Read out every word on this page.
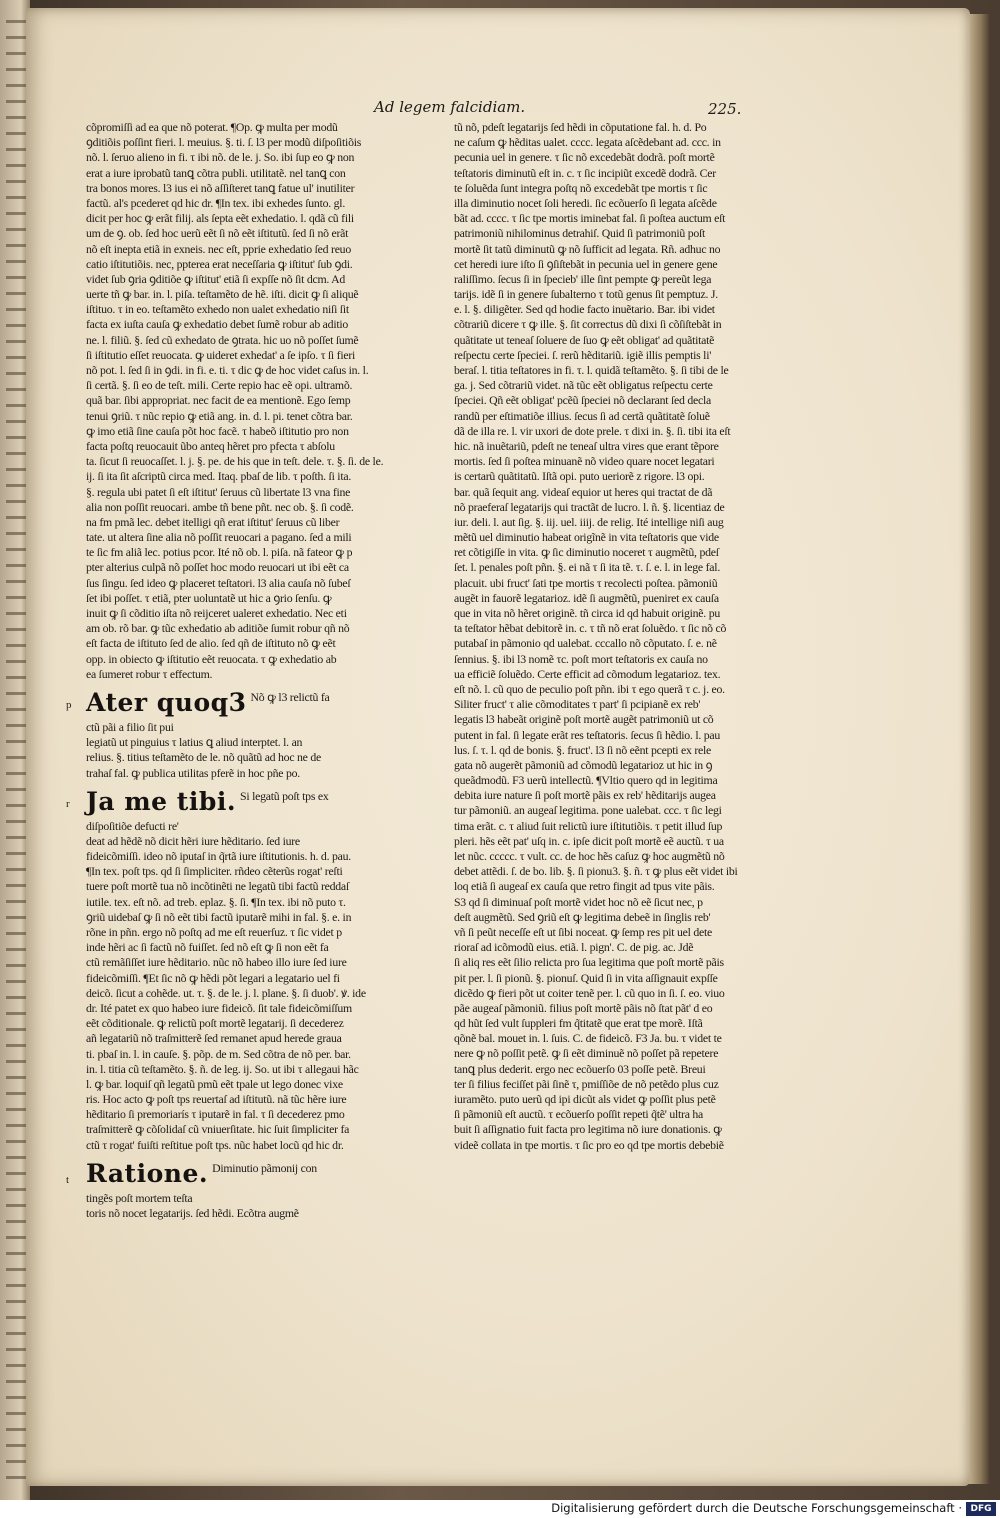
Ad legem falcidiam.	225.
cõpromiſſi ad ea que nõ poterat. ¶Op. ꝙ multa per modũ
ꝯditiõis poſſint fieri. l. meuius. §. ti. ſ. l3 per modũ diſpoſitiõis
nõ. l. ſeruo alieno in fi. τ ibi nõ. de le. j. So. ibi ſup eo ꝙ non
erat a iure iprobatũ tanꝗ cõtra publi. utilitatẽ. nel tanꝗ con
tra bonos mores. l3 ius ei nõ aſſiſteret tanꝗ fatue ul' inutiliter
factũ. al's pcederet qd hic dr. ¶In tex. ibi exhedes ſunto. gl.
dicit per hoc ꝙ erãt filij. als ſepta eẽt exhedatio. l. qdã cũ fili
um de ꝯ. ob. ſed hoc uerũ eẽt ſi nõ eẽt iſtitutũ. ſed ſi nõ erãt
nõ eſt inepta etiã in exneis. nec eſt, pprie exhedatio ſed reuo
catio iſtitutiõis. nec, ppterea erat neceſſaria ꝙ iſtitut' ſub ꝯdi.
videt ſub ꝯria ꝯditiõe ꝙ iſtitut' etiã ſi expſſe nõ ſit dcm. Ad
uerte tñ ꝙ bar. in. l. piſa. teſtamẽto de hẽ. iſti. dicit ꝙ ſi aliquẽ
iſtituo. τ in eo. teſtamẽto exhedo non ualet exhedatio niſi ſit
facta ex iuſta cauſa ꝙ exhedatio debet ſumẽ robur ab aditio
ne. l. filiũ. §. ſed cũ exhedato de ꝯtrata. hic uo nõ poſſet ſumẽ
ſi iſtitutio eſſet reuocata. ꝙ uideret exhedat' a ſe ipſo. τ ſi fieri
nõ pot. l. ſed ſi in ꝯdi. in fi. e. ti. τ dic ꝙ de hoc videt caſus in. l.
ſi certã. §. ſi eo de teſt. mili. Certe repio hac eẽ opi. ultramõ.
quã bar. ſibi appropriat. nec facit de ea mentionẽ. Ego ſemp
tenui ꝯriũ. τ nũc repio ꝙ etiã ang. in. d. l. pi. tenet cõtra bar.
ꝙ imo etiã ſine cauſa põt hoc facẽ. τ habeõ iſtitutio pro non
facta poſtq reuocauit ũbo anteq hẽret pro pfecta τ abſolu
ta. ſicut ſi reuocaſſet. l. j. §. pe. de his que in teſt. dele. τ. §. ſi. de le.
ij. ſi ita ſit aſcriptũ circa med. Itaq. pbaſ de lib. τ poſth. ſi ita.
§. regula ubi patet ſi eſt iſtitut' ſeruus cũ libertate l3 vna fine
alia non poſſit reuocari. ambe tñ bene pñt. nec ob. §. ſi codẽ.
na fm pmã lec. debet itelligi qñ erat iſtitut' ſeruus cũ liber
tate. ut altera ſine alia nõ poſſit reuocari a pagano. ſed a mili
te ſic fm aliã lec. potius pcor. Ité nõ ob. l. piſa. nã fateor ꝙ p
pter alterius culpã nõ poſſet hoc modo reuocari ut ibi eẽt ca
ſus ſingu. ſed ideo ꝙ placeret teſtatori. l3 alia cauſa nõ ſubeſ
ſet ibi poſſet. τ etiã, pter uoluntatẽ ut hic a ꝯrio ſenſu. ꝙ
inuit ꝙ ſi cõditio iſta nõ reijceret ualeret exhedatio. Nec eti
am ob. rõ bar. ꝙ tũc exhedatio ab aditiõe ſumit robur qñ nõ
eſt facta de iſtituto ſed de alio. ſed qñ de iſtituto nõ ꝙ eẽt
opp. in obiecto ꝙ iſtitutio eẽt reuocata. τ ꝙ exhedatio ab
ea ſumeret robur τ effectum.
p Ater quoq3 Nõ ꝙ l3 relictũ fa
ctũ pãi a filio ſit pui
legiatũ ut pinguius τ latius ꝗ aliud interptet. l. an
relius. §. titius teſtamẽto de le. nõ quãtũ ad hoc ne de
trahaſ fal. ꝙ publica utilitas pferẽ in hoc pñe po.
r Ja me tibi. Si legatũ poſt tps ex
diſpoſitiõe defucti re'
deat ad hẽdẽ nõ dicit hẽri iure hẽditario. ſed iure
fideicõmiſſi. ideo nõ iputaſ in q̃rtã iure iſtitutionis. h. d. pau.
¶In tex. poſt tps. qd ſi ſimpliciter. rñdeo cẽterũs rogat' reſti
tuere poſt mortẽ tua nõ incõtinẽti ne legatũ tibi factũ reddaſ
iutile. tex. eſt nõ. ad treb. eplaz. §. ſi. ¶In tex. ibi nõ puto τ.
ꝯriũ uidebaſ ꝙ ſi nõ eẽt tibi factũ iputarẽ mihi in fal. §. e. in
rõne in pñn. ergo nõ poſtq ad me eſt reuerſuz. τ ſic videt p
inde hẽri ac ſi factũ nõ fuiſſet. ſed nõ eſt ꝙ ſi non eẽt fa
ctũ remãſiſſet iure hẽditario. nũc nõ habeo illo iure ſed iure
fideicõmiſſi. ¶Et ſic nõ ꝙ hẽdi põt legari a legatario uel fi
deicõ. ſicut a cohẽde. ut. τ. §. de le. j. l. plane. §. ſi duob'. ꝟ. ide
dr. Ité patet ex quo habeo iure fideicõ. ſit tale fideicõmiſſum
eẽt cõditionale. ꝙ relictũ poſt mortẽ legatarij. ſi decederez
añ legatariũ nõ traſmitterẽ ſed remanet apud herede graua
ti. pbaſ in. l. in cauſe. §. põp. de m. Sed cõtra de nõ per. bar.
in. l. titia cũ teſtamẽto. §. ñ. de leg. ij. So. ut ibi τ allegaui hãc
l. ꝙ bar. loquiſ qñ legatũ pmũ eẽt tpale ut lego donec vixe
ris. Hoc acto ꝙ poſt tps reuertaſ ad iſtitutũ. nã tũc hẽre iure
hẽditario ſi premoriarís τ iputarẽ in fal. τ ſi decederez pmo
traſmitterẽ ꝙ cõſolidaſ cũ vniuerſitate. hic ſuit ſimpliciter fa
ctũ τ rogat' fuiſti reſtitue poſt tps. nũc habet locũ qd hic dr.
t Ratione. Diminutio pãmonij con
tingẽs poſt mortem teſta
toris nõ nocet legatarijs. ſed hẽdi. Ecõtra augmẽ
tũ nõ, pdeſt legatarijs ſed hẽdi in cõputatione fal. h. d. Po
ne caſum ꝙ hẽditas ualet. cccc. legata aſcẽdebant ad. ccc. in
pecunia uel in genere. τ ſic nõ excedebãt dodrã. poſt mortẽ
teſtatoris diminutũ eſt in. c. τ ſic incipiũt excedẽ dodrã. Cer
te ſoluẽda ſunt integra poſtq nõ excedebãt tpe mortis τ ſic
illa diminutio nocet ſoli heredi. ſic ecõuerſo ſi legata aſcẽde
bãt ad. cccc. τ ſic tpe mortis iminebat fal. ſi poſtea auctum eſt
patrimoniũ nihilominus detrahiſ. Quid ſi patrimoniũ poſt
mortẽ ſit tatũ diminutũ ꝙ nõ ſufficit ad legata. Rñ. adhuc no
cet heredi iure iſto ſi ꝯſiſtebãt in pecunia uel in genere gene
raliſſimo. ſecus ſi in ſpecieb' ille ſint pempte ꝙ pereũt lega
tarijs. idẽ ſi in genere ſubalterno τ totũ genus ſit pemptuz. J.
e. l. §. diligẽter. Sed qd hodie facto inuẽtario. Bar. ibi videt
cõtrariũ dicere τ ꝙ ille. §. ſit correctus dũ dixi ſi cõſiſtebãt in
quãtitate ut teneaſ ſoluere de ſuo ꝙ eẽt obligat' ad quãtitatẽ
reſpectu certe ſpeciei. ſ. rerũ hẽditariũ. igiẽ illis pemptis li'
beraſ. l. titia teſtatores in fi. τ. l. quidã teſtamẽto. §. ſi tibi de le
ga. j. Sed cõtrariũ videt. nã tũc eẽt obligatus reſpectu certe
ſpeciei. Qñ eẽt obligat' pcẽũ ſpeciei nõ declarant ſed decla
randũ per eſtimatiõe illius. ſecus ſi ad certã quãtitatẽ ſoluẽ
dã de illa re. l. vir uxori de dote prele. τ dixi in. §. ſi. tibi ita eſt
hic. nã inuẽtariũ, pdeſt ne teneaſ ultra vires que erant tẽpore
mortis. ſed ſi poſtea minuanẽ nõ video quare nocet legatari
is certarũ quãtitatũ. Iſtã opi. puto ueriorẽ z rigore. l3 opi.
bar. quã ſequit ang. videaſ equior ut heres qui tractat de dã
nõ praeferaſ legatarijs qui tractãt de lucro. l. ñ. §. licentiaz de
iur. deli. l. aut ſig. §. iij. uel. iiij. de relig. Ité intellige niſi aug
mẽtũ uel diminutio habeat origĩnẽ in vita teſtatoris que vide
ret cõtigiſſe in vita. ꝙ ſic diminutio noceret τ augmẽtũ, pdeſ
ſet. l. penales poſt pñn. §. ei nã τ ſi ita tẽ. τ. ſ. e. l. in lege fal.
placuit. ubi fruct' ſati tpe mortis τ recolecti poſtea. pãmoniũ
augẽt in fauorẽ legatarioz. idẽ ſi augmẽtũ, pueniret ex cauſa
que in vita nõ hẽret originẽ. tñ circa id qd habuit originẽ. pu
ta teſtator hẽbat debitorẽ in. c. τ tñ nõ erat ſoluẽdo. τ ſic nõ cõ
putabaſ in pãmonio qd ualebat. cccallo nõ cõputato. ſ. e. nẽ
ſennius. §. ibi l3 nomẽ τc. poſt mort teſtatoris ex cauſa no
ua efficiẽ ſoluẽdo. Certe efficit ad cõmodum legatarioz. tex.
eſt nõ. l. cũ quo de peculio poſt pñn. ibi τ ego querã τ c. j. eo.
Siliter fruct' τ alie cõmoditates τ part' ſi pcipianẽ ex reb'
legatis l3 habeãt originẽ poſt mortẽ augẽt patrimoniũ ut cõ
putent in fal. ſi legate erãt res teſtatoris. ſecus ſi hẽdio. l. pau
lus. ſ. τ. l. qd de bonis. §. fruct'. l3 ſi nõ eẽnt pcepti ex rele
gata nõ augerẽt pãmoniũ ad cõmodũ legatarioz ut hic in ꝯ
queãdmodũ. F3 uerũ intellectũ. ¶Vltio quero qd in legitima
debita iure nature ſi poſt mortẽ pãis ex reb' hẽditarijs augea
tur pãmoniũ. an augeaſ legitima. pone ualebat. ccc. τ ſic legi
tima erãt. c. τ aliud ſuit relictũ iure iſtitutiõis. τ petit illud ſup
pleri. hẽs eẽt pat' uſq in. c. ipſe dicit poſt mortẽ eẽ auctũ. τ ua
let nũc. ccccc. τ vult. cc. de hoc hẽs caſuz ꝙ hoc augmẽtũ nõ
debet attẽdi. ſ. de bo. lib. §. ſi pionu3. §. ñ. τ ꝙ plus eẽt videt ibi
loq etiã ſi augeaſ ex cauſa que retro fingit ad tpus vite pãis.
S3 qd ſi diminuaſ poſt mortẽ videt hoc nõ eẽ ſicut nec, p
deſt augmẽtũ. Sed ꝯriũ eſt ꝙ legitima debeẽ in ſinglis reb'
vñ ſi peũt neceſſe eſt ut ſibi noceat. ꝙ ſemp res pit uel dete
rioraſ ad icõmodũ eius. etiã. l. pign'. C. de pig. ac. Jdẽ
ſi aliq res eẽt ſilio relicta pro ſua legitima que poſt mortẽ pãis
pit per. l. ſi pionũ. §. pionuſ. Quid ſi in vita aſſignauit expſſe
dicẽdo ꝙ fieri põt ut coiter tenẽ per. l. cũ quo in ſi. ſ. eo. viuo
pãe augeaſ pãmoniũ. filius poſt mortẽ pãis nõ ſtat pãt' d eo
qd hũt ſed vult ſuppleri fm q̃titatẽ que erat tpe morẽ. Iſtã
qõnẽ bal. mouet in. l. ſuis. C. de fideicõ. F3 Ja. bu. τ videt te
nere ꝙ nõ poſſit petẽ. ꝙ ſi eẽt diminuẽ nõ poſſet pã repetere
tanꝗ plus dederit. ergo nec ecõuerſo 03 poſſe petẽ. Breui
ter ſi filius feciſſet pãi ſinẽ τ, pmiſſiõe de nõ petẽdo plus cuz
iuramẽto. puto uerũ qd ipi dicũt als videt ꝙ poſſit plus petẽ
ſi pãmoniũ eſt auctũ. τ ecõuerſo poſſit repeti q̃tẽ' ultra ha
buit ſi aſſignatio fuit facta pro legitima nõ iure donationis. ꝙ
videẽ collata in tpe mortis. τ ſic pro eo qd tpe mortis debebiẽ
Digitalisierung gefördert durch die Deutsche Forschungsgemeinschaft · DFG
